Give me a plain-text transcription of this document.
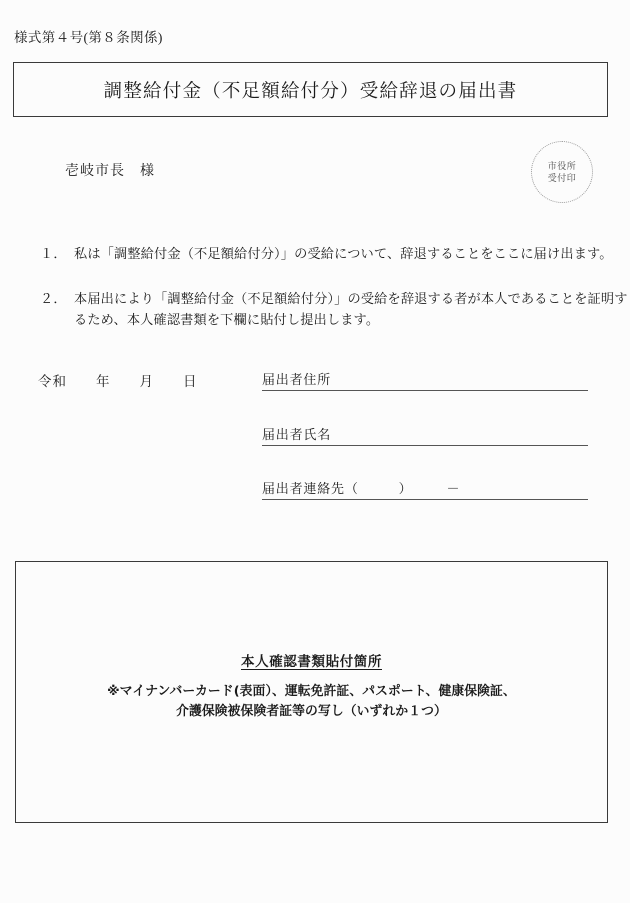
様式第４号(第８条関係)
調整給付金（不足額給付分）受給辞退の届出書
壱岐市長　様	市役所
受付印
１． 私は「調整給付金（不足額給付分）」の受給について、辞退することをここに届け出ます。
２． 本届出により「調整給付金（不足額給付分）」の受給を辞退する者が本人であることを証明するため、本人確認書類を下欄に貼付し提出します。
令和　　年　　月　　日	届出者住所
届出者氏名
届出者連絡先（	）	－
本人確認書類貼付箇所
※マイナンバーカード(表面）、運転免許証、パスポート、健康保険証、
介護保険被保険者証等の写し（いずれか１つ）
